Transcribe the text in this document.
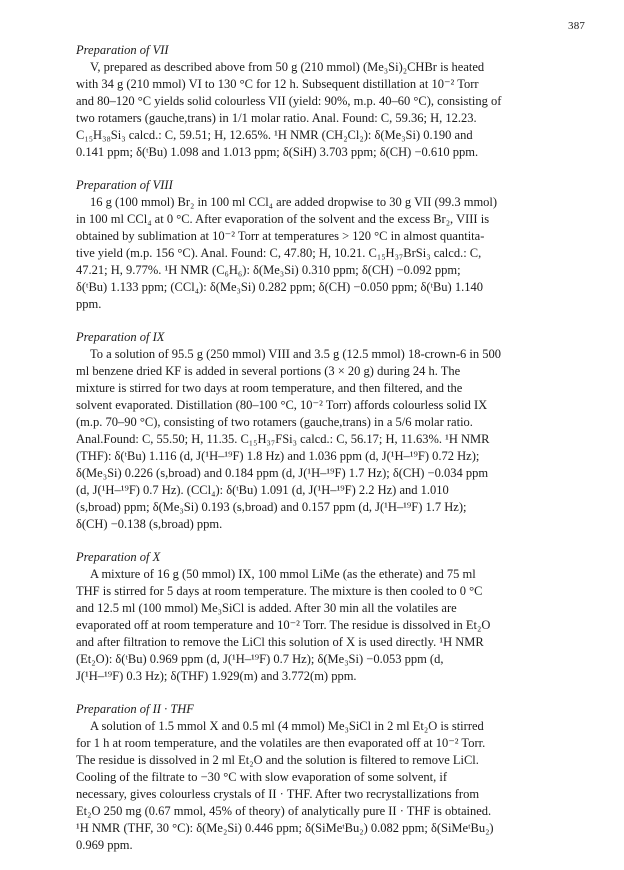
387
Preparation of VII
V, prepared as described above from 50 g (210 mmol) (Me₃Si)₂CHBr is heated
with 34 g (210 mmol) VI to 130 °C for 12 h. Subsequent distillation at 10⁻² Torr
and 80–120 °C yields solid colourless VII (yield: 90%, m.p. 40–60 °C), consisting of
two rotamers (gauche,trans) in 1/1 molar ratio. Anal. Found: C, 59.36; H, 12.23.
C₁₅H₃₈Si₃ calcd.: C, 59.51; H, 12.65%. ¹H NMR (CH₂Cl₂): δ(Me₃Si) 0.190 and
0.141 ppm; δ(ᵗBu) 1.098 and 1.013 ppm; δ(SiH) 3.703 ppm; δ(CH) −0.610 ppm.
Preparation of VIII
16 g (100 mmol) Br₂ in 100 ml CCl₄ are added dropwise to 30 g VII (99.3 mmol)
in 100 ml CCl₄ at 0 °C. After evaporation of the solvent and the excess Br₂, VIII is
obtained by sublimation at 10⁻² Torr at temperatures > 120 °C in almost quantita-
tive yield (m.p. 156 °C). Anal. Found: C, 47.80; H, 10.21. C₁₅H₃₇BrSi₃ calcd.: C,
47.21; H, 9.77%. ¹H NMR (C₆H₆): δ(Me₃Si) 0.310 ppm; δ(CH) −0.092 ppm;
δ(ᵗBu) 1.133 ppm; (CCl₄): δ(Me₃Si) 0.282 ppm; δ(CH) −0.050 ppm; δ(ᵗBu) 1.140
ppm.
Preparation of IX
To a solution of 95.5 g (250 mmol) VIII and 3.5 g (12.5 mmol) 18-crown-6 in 500
ml benzene dried KF is added in several portions (3 × 20 g) during 24 h. The
mixture is stirred for two days at room temperature, and then filtered, and the
solvent evaporated. Distillation (80–100 °C, 10⁻² Torr) affords colourless solid IX
(m.p. 70–90 °C), consisting of two rotamers (gauche,trans) in a 5/6 molar ratio.
Anal.Found: C, 55.50; H, 11.35. C₁₅H₃₇FSi₃ calcd.: C, 56.17; H, 11.63%. ¹H NMR
(THF): δ(ᵗBu) 1.116 (d, J(¹H–¹⁹F) 1.8 Hz) and 1.036 ppm (d, J(¹H–¹⁹F) 0.72 Hz);
δ(Me₃Si) 0.226 (s,broad) and 0.184 ppm (d, J(¹H–¹⁹F) 1.7 Hz); δ(CH) −0.034 ppm
(d, J(¹H–¹⁹F) 0.7 Hz). (CCl₄): δ(ᵗBu) 1.091 (d, J(¹H–¹⁹F) 2.2 Hz) and 1.010
(s,broad) ppm; δ(Me₃Si) 0.193 (s,broad) and 0.157 ppm (d, J(¹H–¹⁹F) 1.7 Hz);
δ(CH) −0.138 (s,broad) ppm.
Preparation of X
A mixture of 16 g (50 mmol) IX, 100 mmol LiMe (as the etherate) and 75 ml
THF is stirred for 5 days at room temperature. The mixture is then cooled to 0 °C
and 12.5 ml (100 mmol) Me₃SiCl is added. After 30 min all the volatiles are
evaporated off at room temperature and 10⁻² Torr. The residue is dissolved in Et₂O
and after filtration to remove the LiCl this solution of X is used directly. ¹H NMR
(Et₂O): δ(ᵗBu) 0.969 ppm (d, J(¹H–¹⁹F) 0.7 Hz); δ(Me₃Si) −0.053 ppm (d,
J(¹H–¹⁹F) 0.3 Hz); δ(THF) 1.929(m) and 3.772(m) ppm.
Preparation of II · THF
A solution of 1.5 mmol X and 0.5 ml (4 mmol) Me₃SiCl in 2 ml Et₂O is stirred
for 1 h at room temperature, and the volatiles are then evaporated off at 10⁻² Torr.
The residue is dissolved in 2 ml Et₂O and the solution is filtered to remove LiCl.
Cooling of the filtrate to −30 °C with slow evaporation of some solvent, if
necessary, gives colourless crystals of II · THF. After two recrystallizations from
Et₂O 250 mg (0.67 mmol, 45% of theory) of analytically pure II · THF is obtained.
¹H NMR (THF, 30 °C): δ(Me₂Si) 0.446 ppm; δ(SiMeᵗBu₂) 0.082 ppm; δ(SiMeᵗBu₂)
0.969 ppm.
